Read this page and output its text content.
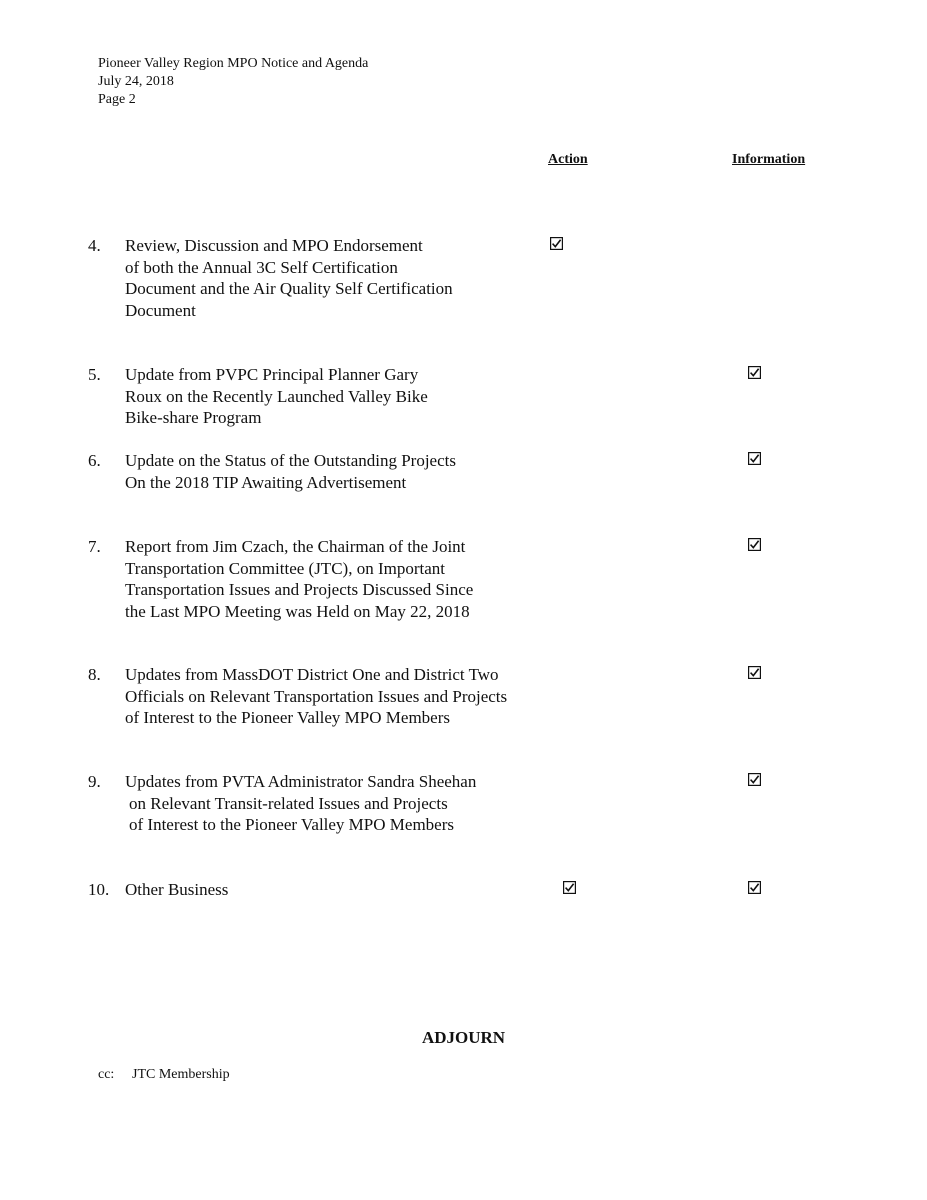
Pioneer Valley Region MPO Notice and Agenda
July 24, 2018
Page 2
Action	Information
4. Review, Discussion and MPO Endorsement
of both the Annual 3C Self Certification
Document and the Air Quality Self Certification
Document
5. Update from PVPC Principal Planner Gary
Roux on the Recently Launched Valley Bike
Bike-share Program
6. Update on the Status of the Outstanding Projects
On the 2018 TIP Awaiting Advertisement
7. Report from Jim Czach, the Chairman of the Joint
Transportation Committee (JTC), on Important
Transportation Issues and Projects Discussed Since
the Last MPO Meeting was Held on May 22, 2018
8. Updates from MassDOT District One and District Two
Officials on Relevant Transportation Issues and Projects
of Interest to the Pioneer Valley MPO Members
9. Updates from PVTA Administrator Sandra Sheehan
on Relevant Transit-related Issues and Projects
of Interest to the Pioneer Valley MPO Members
10. Other Business
ADJOURN
cc: JTC Membership
